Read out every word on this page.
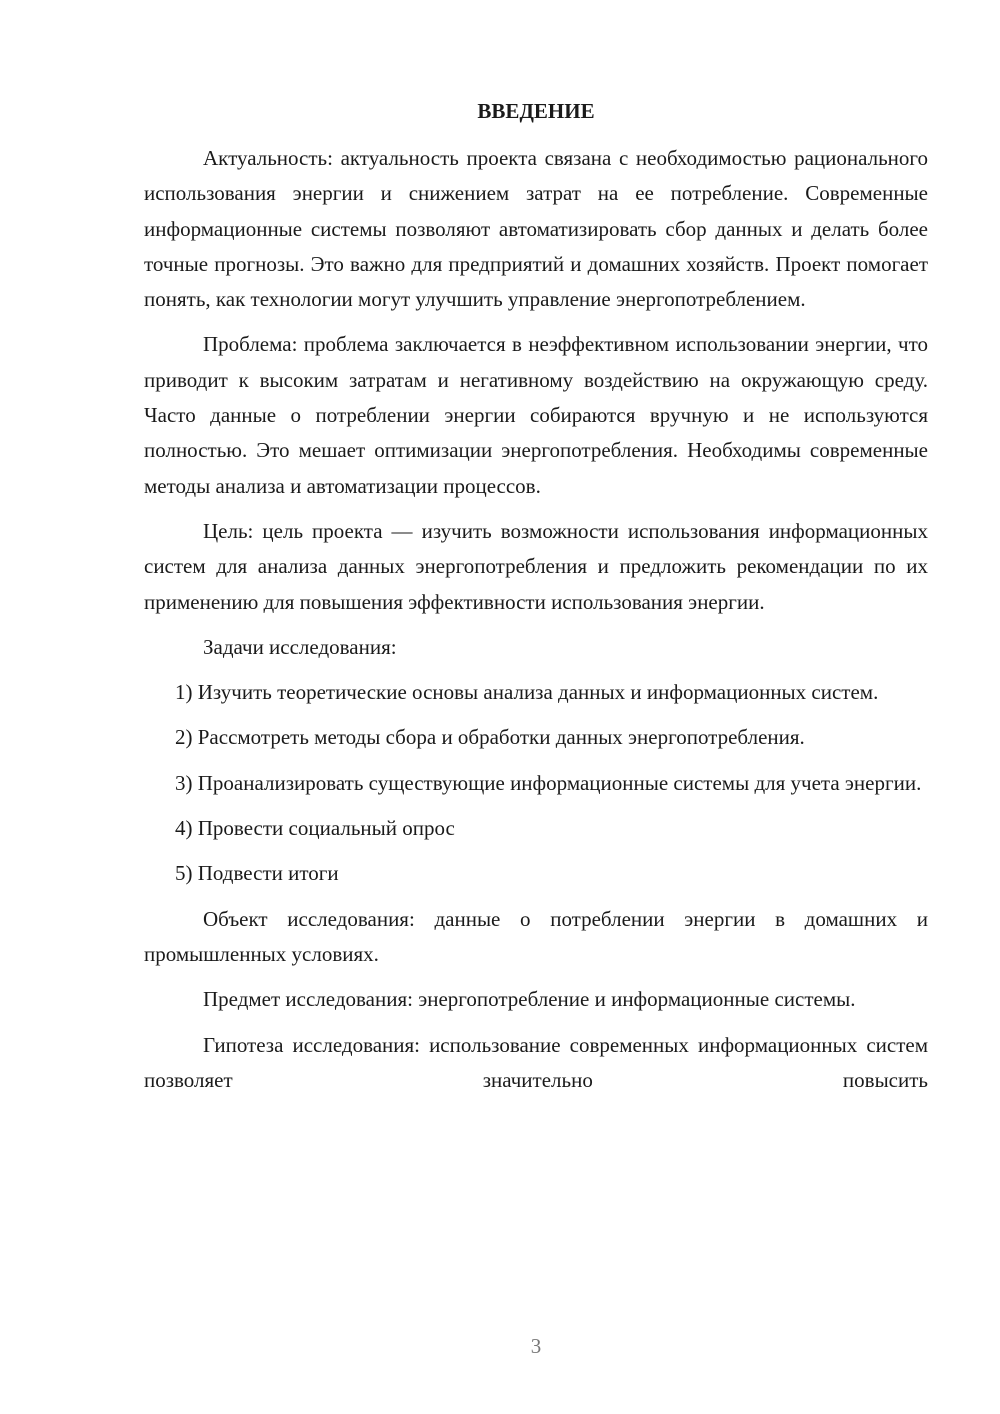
ВВЕДЕНИЕ

Актуальность: актуальность проекта связана с необходимостью рационального использования энергии и снижением затрат на ее потребление. Современные информационные системы позволяют автоматизировать сбор данных и делать более точные прогнозы. Это важно для предприятий и домашних хозяйств. Проект помогает понять, как технологии могут улучшить управление энергопотреблением.

Проблема: проблема заключается в неэффективном использовании энергии, что приводит к высоким затратам и негативному воздействию на окружающую среду. Часто данные о потреблении энергии собираются вручную и не используются полностью. Это мешает оптимизации энергопотребления. Необходимы современные методы анализа и автоматизации процессов.

Цель: цель проекта — изучить возможности использования информационных систем для анализа данных энергопотребления и предложить рекомендации по их применению для повышения эффективности использования энергии.

Задачи исследования:

1) Изучить теоретические основы анализа данных и информационных систем.

2) Рассмотреть методы сбора и обработки данных энергопотребления.

3) Проанализировать существующие информационные системы для учета энергии.

4) Провести социальный опрос

5) Подвести итоги

Объект исследования: данные о потреблении энергии в домашних и промышленных условиях.

Предмет исследования: энергопотребление и информационные системы.

Гипотеза исследования: использование современных информационных систем позволяет значительно повысить

3
